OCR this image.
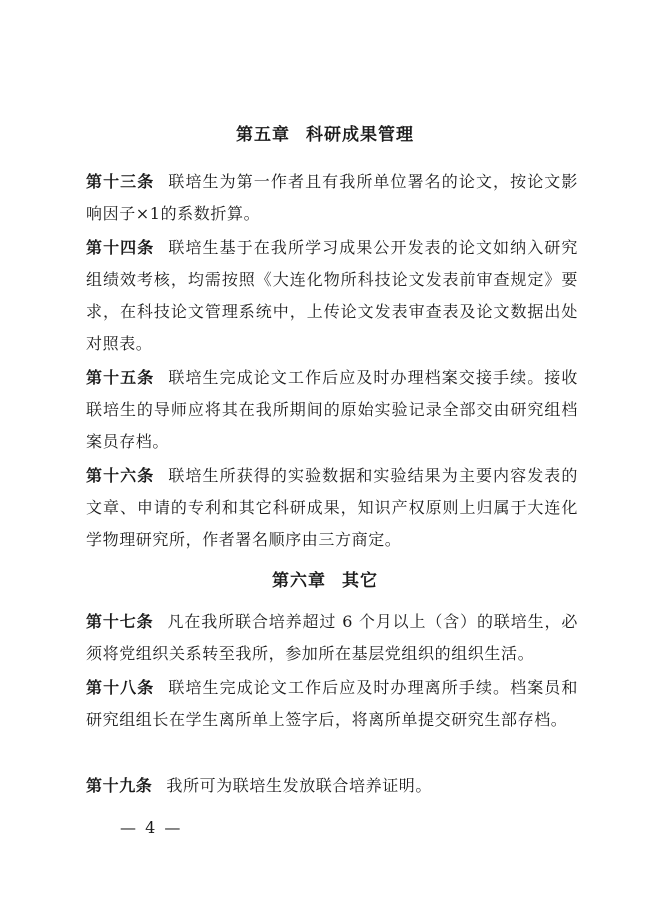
第五章 科研成果管理

第十三条 联培生为第一作者且有我所单位署名的论文，按论文影响因子×1的系数折算。

第十四条 联培生基于在我所学习成果公开发表的论文如纳入研究组绩效考核，均需按照《大连化物所科技论文发表前审查规定》要求，在科技论文管理系统中，上传论文发表审查表及论文数据出处对照表。

第十五条 联培生完成论文工作后应及时办理档案交接手续。接收联培生的导师应将其在我所期间的原始实验记录全部交由研究组档案员存档。

第十六条 联培生所获得的实验数据和实验结果为主要内容发表的文章、申请的专利和其它科研成果，知识产权原则上归属于大连化学物理研究所，作者署名顺序由三方商定。

第六章 其它

第十七条 凡在我所联合培养超过 6 个月以上（含）的联培生，必须将党组织关系转至我所，参加所在基层党组织的组织生活。

第十八条 联培生完成论文工作后应及时办理离所手续。档案员和研究组组长在学生离所单上签字后，将离所单提交研究生部存档。

第十九条 我所可为联培生发放联合培养证明。

— 4 —
